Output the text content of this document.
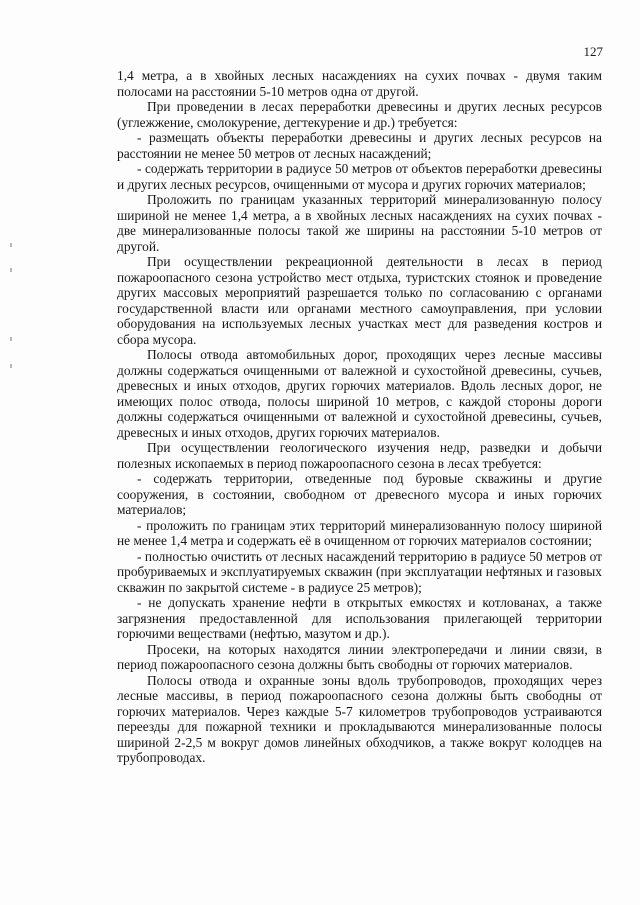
127

1,4 метра, а в хвойных лесных насаждениях на сухих почвах - двумя таким полосами на расстоянии 5-10 метров одна от другой.

При проведении в лесах переработки древесины и других лесных ресурсов (углежжение, смолокурение, дегтекурение и др.) требуется:

- размещать объекты переработки древесины и других лесных ресурсов на расстоянии не менее 50 метров от лесных насаждений;

- содержать территории в радиусе 50 метров от объектов переработки древесины и других лесных ресурсов, очищенными от мусора и других горючих материалов;

Проложить по границам указанных территорий минерализованную полосу шириной не менее 1,4 метра, а в хвойных лесных насаждениях на сухих почвах - две минерализованные полосы такой же ширины на расстоянии 5-10 метров от другой.

При осуществлении рекреационной деятельности в лесах в период пожароопасного сезона устройство мест отдыха, туристских стоянок и проведение других массовых мероприятий разрешается только по согласованию с органами государственной власти или органами местного самоуправления, при условии оборудования на используемых лесных участках мест для разведения костров и сбора мусора.

Полосы отвода автомобильных дорог, проходящих через лесные массивы должны содержаться очищенными от валежной и сухостойной древесины, сучьев, древесных и иных отходов, других горючих материалов. Вдоль лесных дорог, не имеющих полос отвода, полосы шириной 10 метров, с каждой стороны дороги должны содержаться очищенными от валежной и сухостойной древесины, сучьев, древесных и иных отходов, других горючих материалов.

При осуществлении геологического изучения недр, разведки и добычи полезных ископаемых в период пожароопасного сезона в лесах требуется:

- содержать территории, отведенные под буровые скважины и другие сооружения, в состоянии, свободном от древесного мусора и иных горючих материалов;

- проложить по границам этих территорий минерализованную полосу шириной не менее 1,4 метра и содержать её в очищенном от горючих материалов состоянии;

- полностью очистить от лесных насаждений территорию в радиусе 50 метров от пробуриваемых и эксплуатируемых скважин (при эксплуатации нефтяных и газовых скважин по закрытой системе - в радиусе 25 метров);

- не допускать хранение нефти в открытых емкостях и котлованах, а также загрязнения предоставленной для использования прилегающей территории горючими веществами (нефтью, мазутом и др.).

Просеки, на которых находятся линии электропередачи и линии связи, в период пожароопасного сезона должны быть свободны от горючих материалов.

Полосы отвода и охранные зоны вдоль трубопроводов, проходящих через лесные массивы, в период пожароопасного сезона должны быть свободны от горючих материалов. Через каждые 5-7 километров трубопроводов устраиваются переезды для пожарной техники и прокладываются минерализованные полосы шириной 2-2,5 м вокруг домов линейных обходчиков, а также вокруг колодцев на трубопроводах.
